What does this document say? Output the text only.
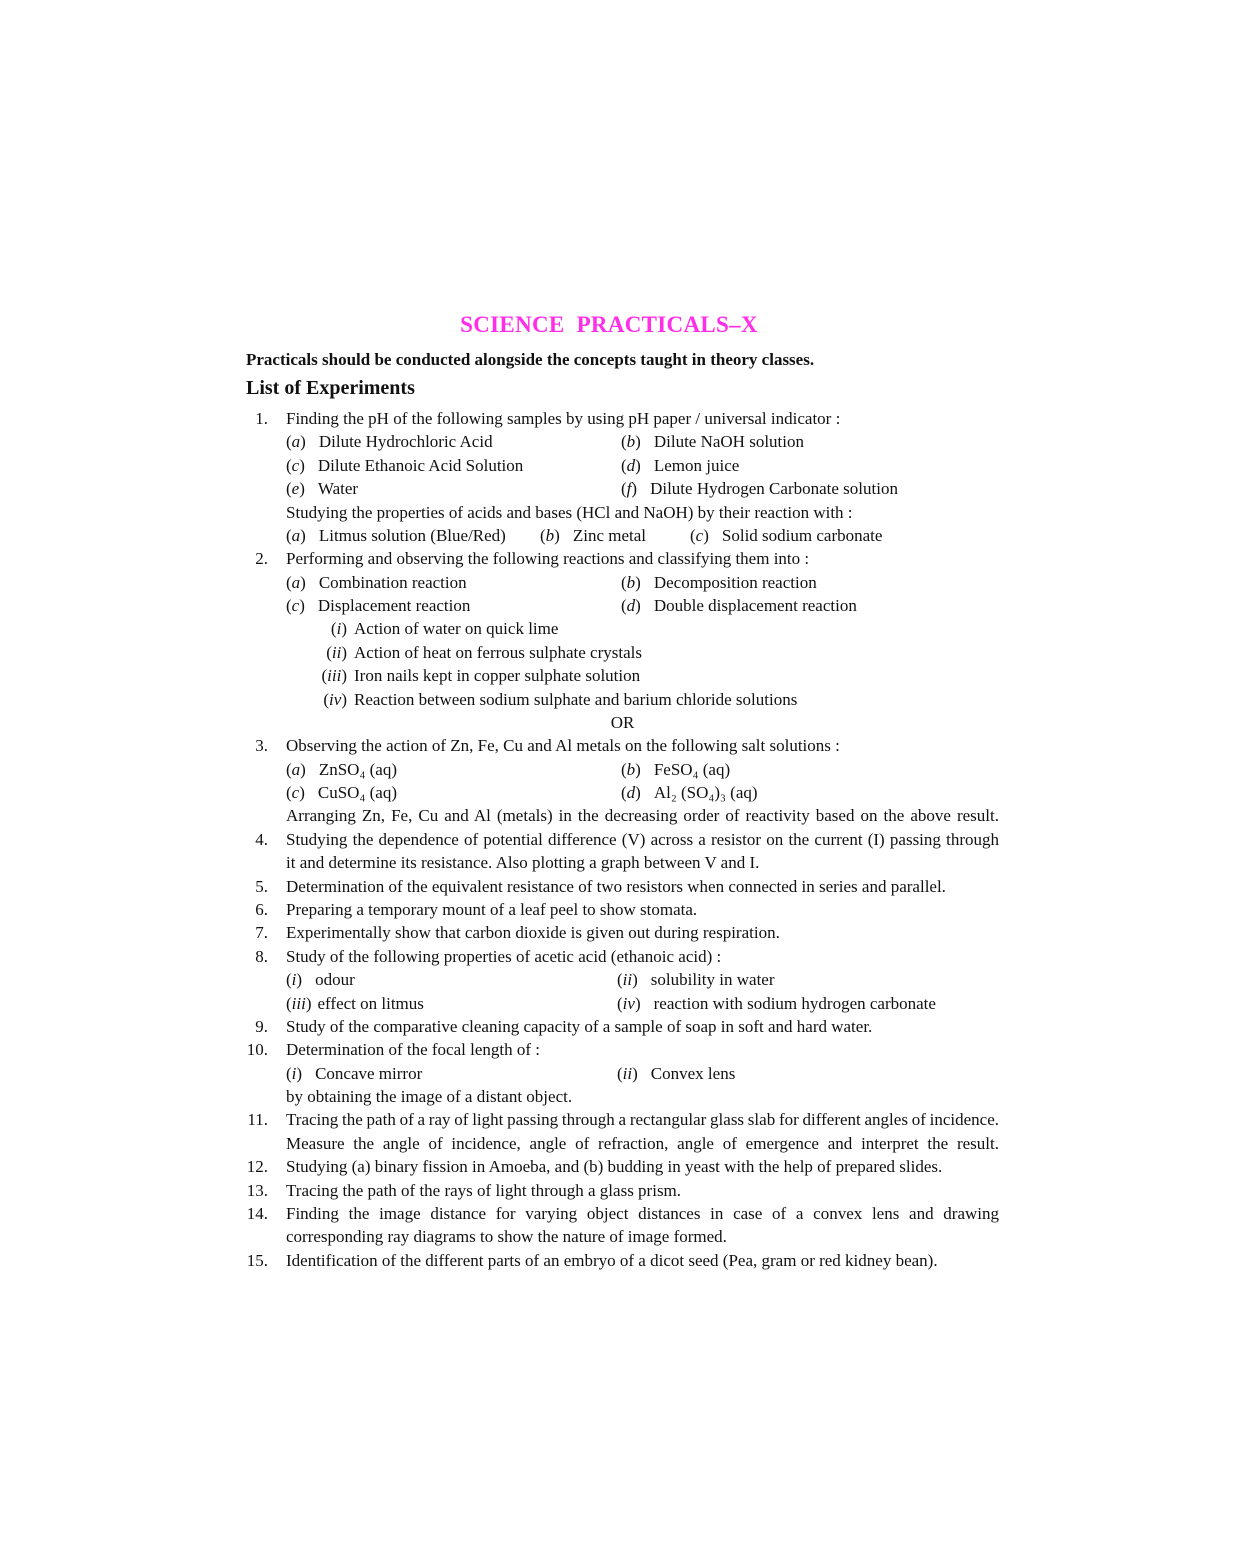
SCIENCE PRACTICALS–X
Practicals should be conducted alongside the concepts taught in theory classes.
List of Experiments
1. Finding the pH of the following samples by using pH paper / universal indicator :
(a) Dilute Hydrochloric Acid	(b) Dilute NaOH solution
(c) Dilute Ethanoic Acid Solution	(d) Lemon juice
(e) Water	(f) Dilute Hydrogen Carbonate solution
Studying the properties of acids and bases (HCl and NaOH) by their reaction with :
(a) Litmus solution (Blue/Red) (b) Zinc metal	(c) Solid sodium carbonate
2. Performing and observing the following reactions and classifying them into :
(a) Combination reaction	(b) Decomposition reaction
(c) Displacement reaction	(d) Double displacement reaction
(i) Action of water on quick lime
(ii) Action of heat on ferrous sulphate crystals
(iii) Iron nails kept in copper sulphate solution
(iv) Reaction between sodium sulphate and barium chloride solutions
OR
3. Observing the action of Zn, Fe, Cu and Al metals on the following salt solutions :
(a) ZnSO₄ (aq)	(b) FeSO₄ (aq)
(c) CuSO₄ (aq)	(d) Al₂ (SO₄)₃ (aq)
Arranging Zn, Fe, Cu and Al (metals) in the decreasing order of reactivity based on the above result.
4. Studying the dependence of potential difference (V) across a resistor on the current (I) passing through
it and determine its resistance. Also plotting a graph between V and I.
5. Determination of the equivalent resistance of two resistors when connected in series and parallel.
6. Preparing a temporary mount of a leaf peel to show stomata.
7. Experimentally show that carbon dioxide is given out during respiration.
8. Study of the following properties of acetic acid (ethanoic acid) :
(i) odour	(ii) solubility in water
(iii) effect on litmus	(iv) reaction with sodium hydrogen carbonate
9. Study of the comparative cleaning capacity of a sample of soap in soft and hard water.
10. Determination of the focal length of :
(i) Concave mirror	(ii) Convex lens
by obtaining the image of a distant object.
11. Tracing the path of a ray of light passing through a rectangular glass slab for different angles of incidence.
Measure the angle of incidence, angle of refraction, angle of emergence and interpret the result.
12. Studying (a) binary fission in Amoeba, and (b) budding in yeast with the help of prepared slides.
13. Tracing the path of the rays of light through a glass prism.
14. Finding the image distance for varying object distances in case of a convex lens and drawing
corresponding ray diagrams to show the nature of image formed.
15. Identification of the different parts of an embryo of a dicot seed (Pea, gram or red kidney bean).
